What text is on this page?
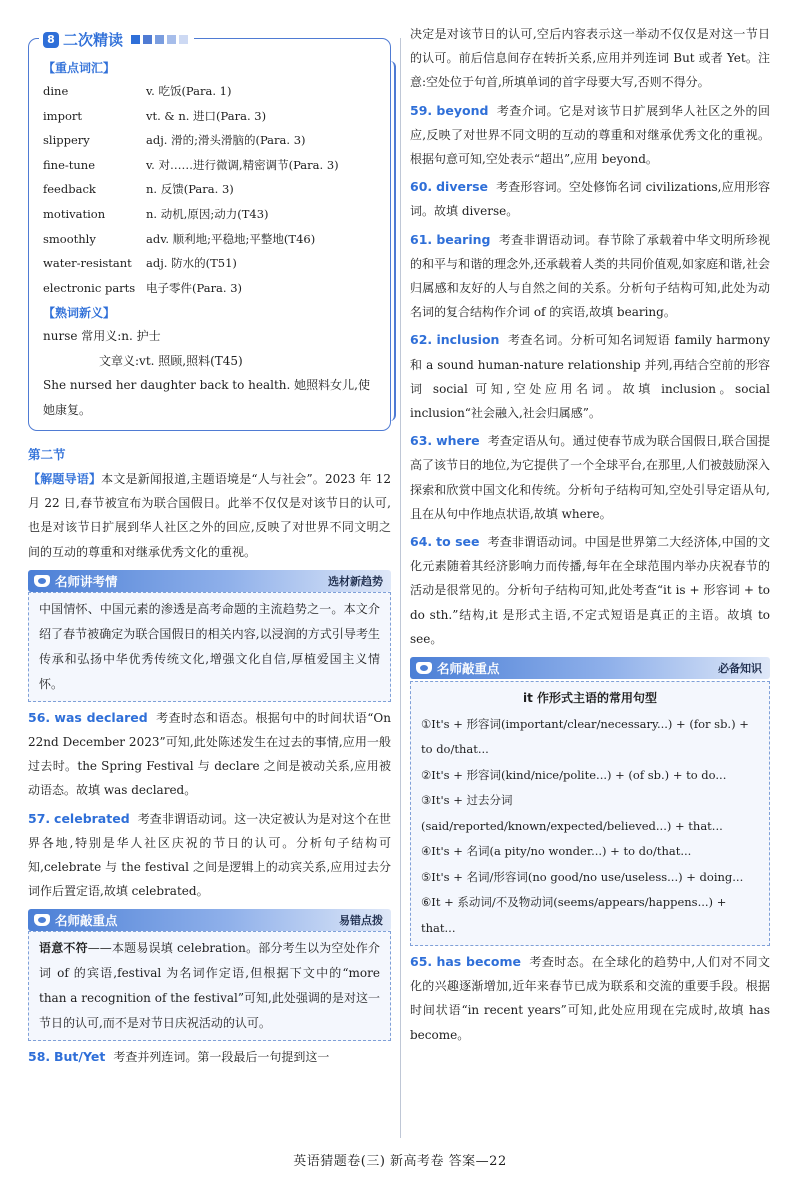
8 二次精读

【重点词汇】

dine	v. 吃饭(Para. 1)
import	vt. & n. 进口(Para. 3)
slippery	adj. 滑的;滑头滑脑的(Para. 3)
fine-tune	v. 对……进行微调,精密调节(Para. 3)
feedback	n. 反馈(Para. 3)
motivation	n. 动机,原因;动力(T43)
smoothly	adv. 顺利地;平稳地;平整地(T46)
water-resistant	adj. 防水的(T51)
electronic parts 电子零件(Para. 3)

【熟词新义】

nurse 常用义:n. 护士

文章义:vt. 照顾,照料(T45)

She nursed her daughter back to health. 她照料女儿,使她康复。

第二节

【解题导语】本文是新闻报道,主题语境是“人与社会”。2023 年 12 月 22 日,春节被宣布为联合国假日。此举不仅仅是对该节日的认可,也是对该节日扩展到华人社区之外的回应,反映了对世界不同文明之间的互动的尊重和对继承优秀文化的重视。

名师讲考情	选材新趋势
中国情怀、中国元素的渗透是高考命题的主流趋势之一。本文介绍了春节被确定为联合国假日的相关内容,以浸润的方式引导考生传承和弘扬中华优秀传统文化,增强文化自信,厚植爱国主义情怀。

56. was declared 考查时态和语态。根据句中的时间状语“On 22nd December 2023”可知,此处陈述发生在过去的事情,应用一般过去时。the Spring Festival 与 declare 之间是被动关系,应用被动语态。故填 was declared。

57. celebrated 考查非谓语动词。这一决定被认为是对这个在世界各地,特别是华人社区庆祝的节日的认可。分析句子结构可知,celebrate 与 the festival 之间是逻辑上的动宾关系,应用过去分词作后置定语,故填 celebrated。

名师敲重点	易错点拨
语意不符——本题易误填 celebration。部分考生以为空处作介词 of 的宾语,festival 为名词作定语,但根据下文中的“more than a recognition of the festival”可知,此处强调的是对这一节日的认可,而不是对节日庆祝活动的认可。

58. But/Yet 考查并列连词。第一段最后一句提到这一

决定是对该节日的认可,空后内容表示这一举动不仅仅是对这一节日的认可。前后信息间存在转折关系,应用并列连词 But 或者 Yet。注意:空处位于句首,所填单词的首字母要大写,否则不得分。

59. beyond 考查介词。它是对该节日扩展到华人社区之外的回应,反映了对世界不同文明的互动的尊重和对继承优秀文化的重视。根据句意可知,空处表示“超出”,应用 beyond。

60. diverse 考查形容词。空处修饰名词 civilizations,应用形容词。故填 diverse。

61. bearing 考查非谓语动词。春节除了承载着中华文明所珍视的和平与和谐的理念外,还承载着人类的共同价值观,如家庭和谐,社会归属感和友好的人与自然之间的关系。分析句子结构可知,此处为动名词的复合结构作介词 of 的宾语,故填 bearing。

62. inclusion 考查名词。分析可知名词短语 family harmony 和 a sound human-nature relationship 并列,再结合空前的形容词 social 可知,空处应用名词。故填 inclusion。social inclusion“社会融入,社会归属感”。

63. where 考查定语从句。通过使春节成为联合国假日,联合国提高了该节日的地位,为它提供了一个全球平台,在那里,人们被鼓励深入探索和欣赏中国文化和传统。分析句子结构可知,空处引导定语从句,且在从句中作地点状语,故填 where。

64. to see 考查非谓语动词。中国是世界第二大经济体,中国的文化元素随着其经济影响力而传播,每年在全球范围内举办庆祝春节的活动是很常见的。分析句子结构可知,此处考查“it is + 形容词 + to do sth.”结构,it 是形式主语,不定式短语是真正的主语。故填 to see。

名师敲重点	必备知识

it 作形式主语的常用句型

①It's + 形容词(important/clear/necessary...) + (for sb.) + to do/that...

②It's + 形容词(kind/nice/polite...) + (of sb.) + to do...

③It's + 过去分词(said/reported/known/expected/believed...) + that...

④It's + 名词(a pity/no wonder...) + to do/that...

⑤It's + 名词/形容词(no good/no use/useless...) + doing...

⑥It + 系动词/不及物动词(seems/appears/happens...) + that...

65. has become 考查时态。在全球化的趋势中,人们对不同文化的兴趣逐渐增加,近年来春节已成为联系和交流的重要手段。根据时间状语“in recent years”可知,此处应用现在完成时,故填 has become。

英语猜题卷(三) 新高考卷 答案—22
